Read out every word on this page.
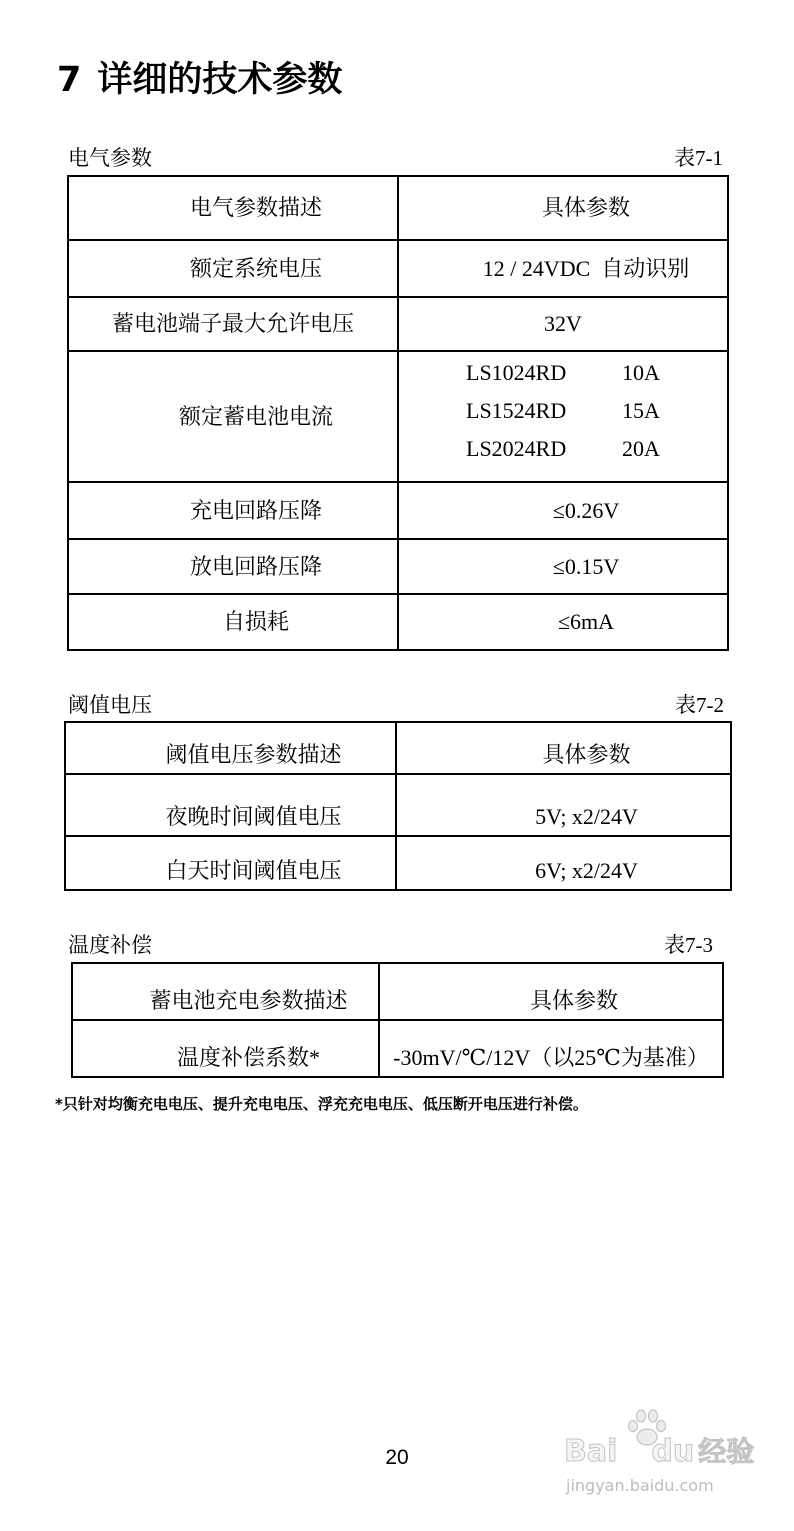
7 详细的技术参数
电气参数	表7-1
电气参数描述	具体参数
额定系统电压	12 / 24VDC  自动识别
蓄电池端子最大允许电压	32V
额定蓄电池电流	LS1024RD 10A
LS1524RD 15A
LS2024RD 20A

充电回路压降	≤0.26V
放电回路压降	≤0.15V
自损耗	≤6mA
阈值电压	表7-2
阈值电压参数描述	具体参数
夜晚时间阈值电压	5V; x2/24V
白天时间阈值电压	6V; x2/24V
温度补偿	表7-3
蓄电池充电参数描述	具体参数
温度补偿系数*	-30mV/℃/12V（以25℃为基准）
*只针对均衡充电电压、提升充电电压、浮充充电电压、低压断开电压进行补偿。
20	Bai du 经验
jingyan.baidu.com
